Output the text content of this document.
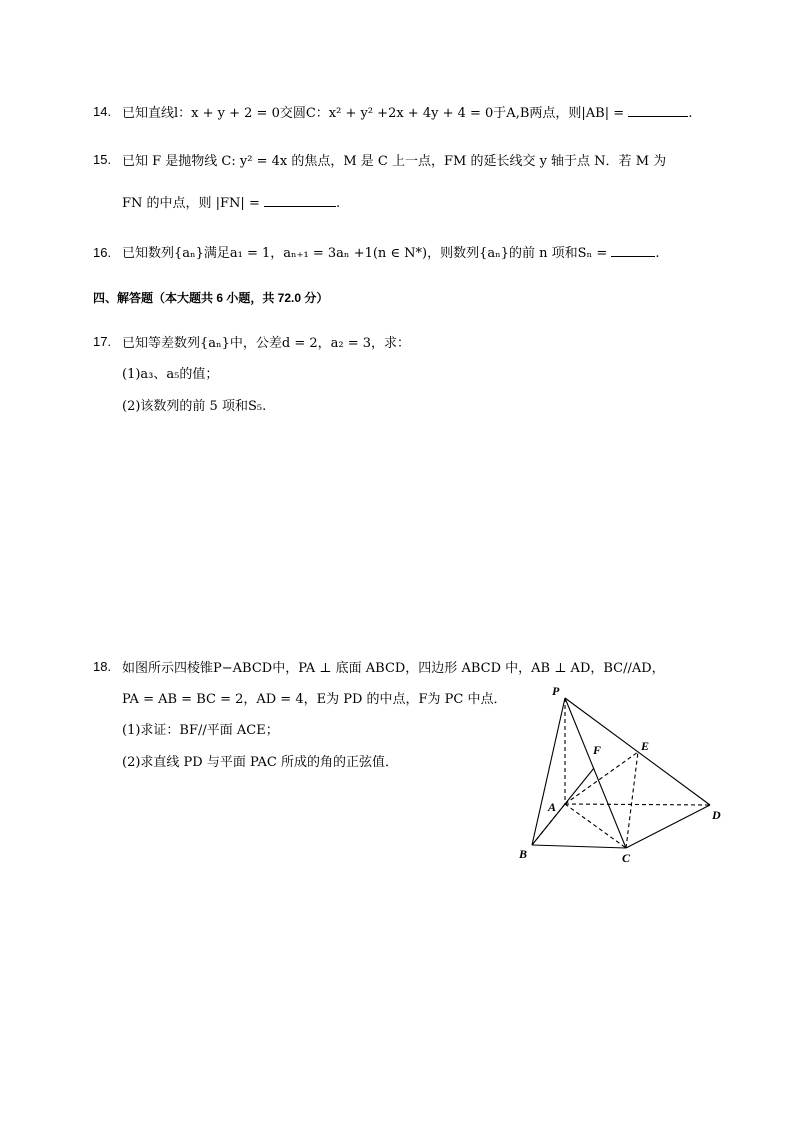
14. 已知直线l：x + y + 2 = 0交圆C：x² + y² +2x + 4y + 4 = 0于A,B两点，则|AB| =	.
15. 已知 F 是抛物线 C: y² = 4x 的焦点，M 是 C 上一点，FM 的延长线交 y 轴于点 N．若 M 为
FN 的中点，则 |FN| =	.
16. 已知数列{aₙ}满足a₁ = 1，aₙ₊₁ = 3aₙ +1(n ∈ N*)，则数列{aₙ}的前 n 项和Sₙ =	.
四、解答题（本大题共 6 小题，共 72.0 分）
17. 已知等差数列{aₙ}中，公差d = 2，a₂ = 3，求：
(1)a₃、a₅的值；
(2)该数列的前 5 项和S₅.
18. 如图所示四棱锥P−ABCD中，PA ⊥ 底面 ABCD，四边形 ABCD 中，AB ⊥ AD，BC//AD，
PA = AB = BC = 2，AD = 4，E为 PD 的中点，F为 PC 中点．
(1)求证：BF//平面 ACE；
(2)求直线 PD 与平面 PAC 所成的角的正弦值．
P
A
B	C
D
E
F
